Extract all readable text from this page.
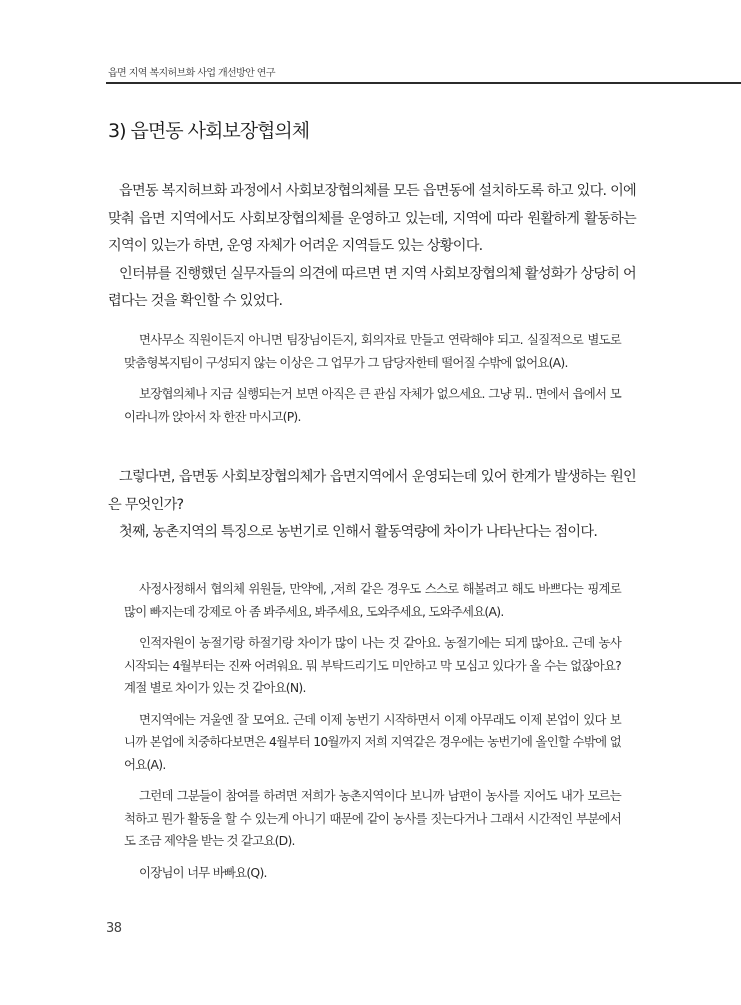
읍면 지역 복지허브화 사업 개선방안 연구
3) 읍면동 사회보장협의체

읍면동 복지허브화 과정에서 사회보장협의체를 모든 읍면동에 설치하도록 하고 있다. 이에 맞춰 읍면 지역에서도 사회보장협의체를 운영하고 있는데, 지역에 따라 원활하게 활동하는 지역이 있는가 하면, 운영 자체가 어려운 지역들도 있는 상황이다.

인터뷰를 진행했던 실무자들의 의견에 따르면 면 지역 사회보장협의체 활성화가 상당히 어렵다는 것을 확인할 수 있었다.

면사무소 직원이든지 아니면 팀장님이든지, 회의자료 만들고 연락해야 되고. 실질적으로 별도로 맞춤형복지팀이 구성되지 않는 이상은 그 업무가 그 담당자한테 떨어질 수밖에 없어요(A).

보장협의체나 지금 실행되는거 보면 아직은 큰 관심 자체가 없으세요. 그냥 뭐.. 면에서 읍에서 모이라니까 앉아서 차 한잔 마시고(P).

그렇다면, 읍면동 사회보장협의체가 읍면지역에서 운영되는데 있어 한계가 발생하는 원인은 무엇인가?

첫째, 농촌지역의 특징으로 농번기로 인해서 활동역량에 차이가 나타난다는 점이다.

사정사정해서 협의체 위원들, 만약에, ,저희 같은 경우도 스스로 해볼려고 해도 바쁘다는 핑계로 많이 빠지는데 강제로 아 좀 봐주세요, 봐주세요, 도와주세요, 도와주세요(A).

인적자원이 농절기랑 하절기랑 차이가 많이 나는 것 같아요. 농절기에는 되게 많아요. 근데 농사 시작되는 4월부터는 진짜 어려워요. 뭐 부탁드리기도 미안하고 막 모심고 있다가 올 수는 없잖아요? 계절 별로 차이가 있는 것 같아요(N).

면지역에는 겨울엔 잘 모여요. 근데 이제 농번기 시작하면서 이제 아무래도 이제 본업이 있다 보니까 본업에 치중하다보면은 4월부터 10월까지 저희 지역같은 경우에는 농번기에 올인할 수밖에 없어요(A).

그런데 그분들이 참여를 하려면 저희가 농촌지역이다 보니까 남편이 농사를 지어도 내가 모르는 척하고 뭔가 활동을 할 수 있는게 아니기 때문에 같이 농사를 짓는다거나 그래서 시간적인 부분에서도 조금 제약을 받는 것 같고요(D).

이장님이 너무 바빠요(Q).

38
